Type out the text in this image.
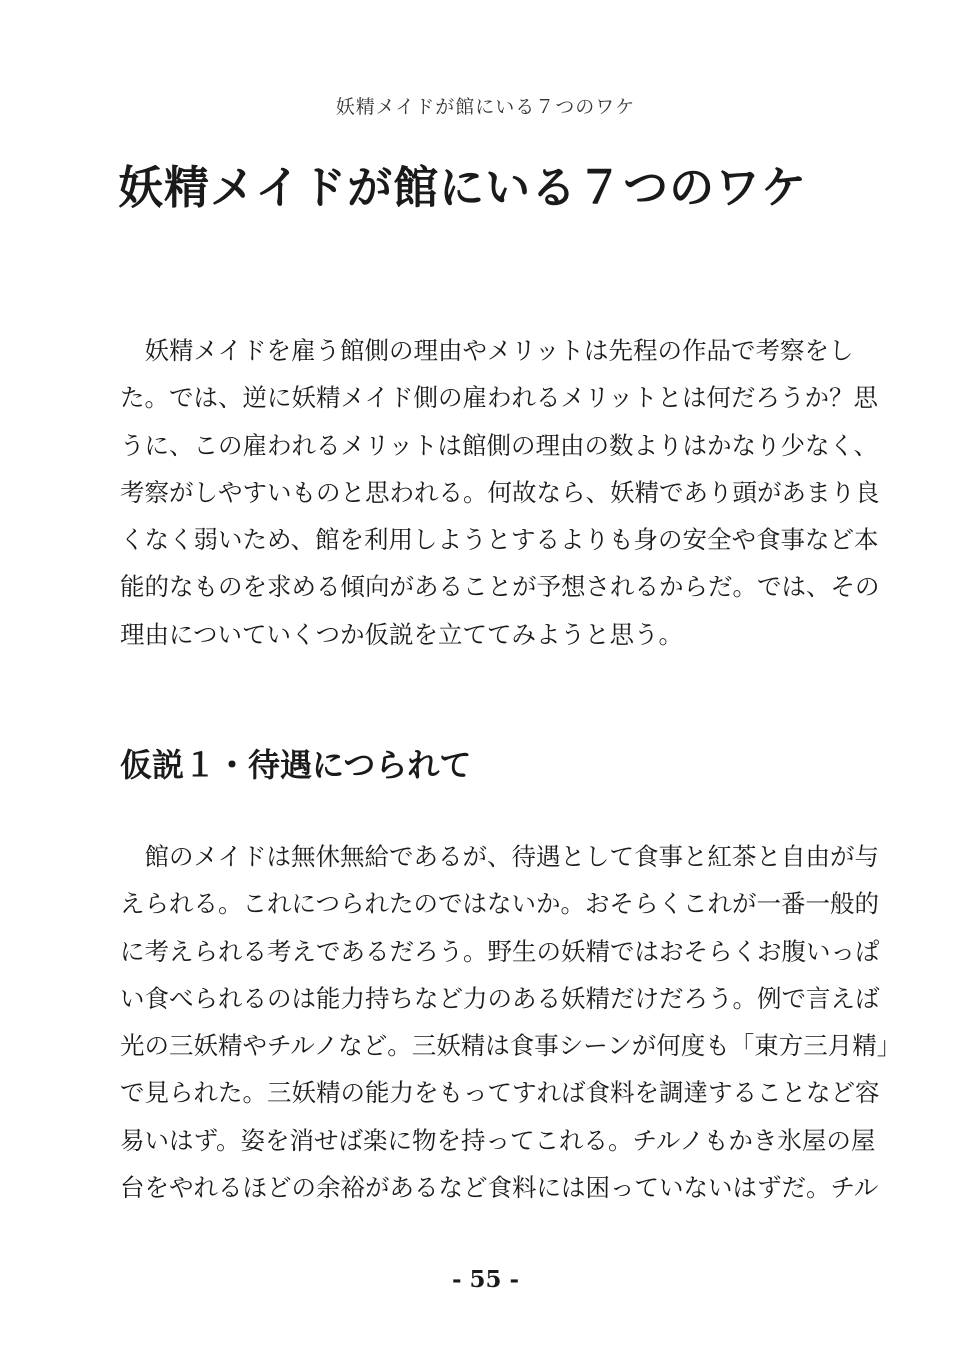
妖精メイドが館にいる７つのワケ
妖精メイドが館にいる７つのワケ
　妖精メイドを雇う館側の理由やメリットは先程の作品で考察をし
た。では、逆に妖精メイド側の雇われるメリットとは何だろうか？思
うに、この雇われるメリットは館側の理由の数よりはかなり少なく、
考察がしやすいものと思われる。何故なら、妖精であり頭があまり良
くなく弱いため、館を利用しようとするよりも身の安全や食事など本
能的なものを求める傾向があることが予想されるからだ。では、その
理由についていくつか仮説を立ててみようと思う。
仮説１・待遇につられて
　館のメイドは無休無給であるが、待遇として食事と紅茶と自由が与
えられる。これにつられたのではないか。おそらくこれが一番一般的
に考えられる考えであるだろう。野生の妖精ではおそらくお腹いっぱ
い食べられるのは能力持ちなど力のある妖精だけだろう。例で言えば
光の三妖精やチルノなど。三妖精は食事シーンが何度も「東方三月精」
で見られた。三妖精の能力をもってすれば食料を調達することなど容
易いはず。姿を消せば楽に物を持ってこれる。チルノもかき氷屋の屋
台をやれるほどの余裕があるなど食料には困っていないはずだ。チル
- 55 -
